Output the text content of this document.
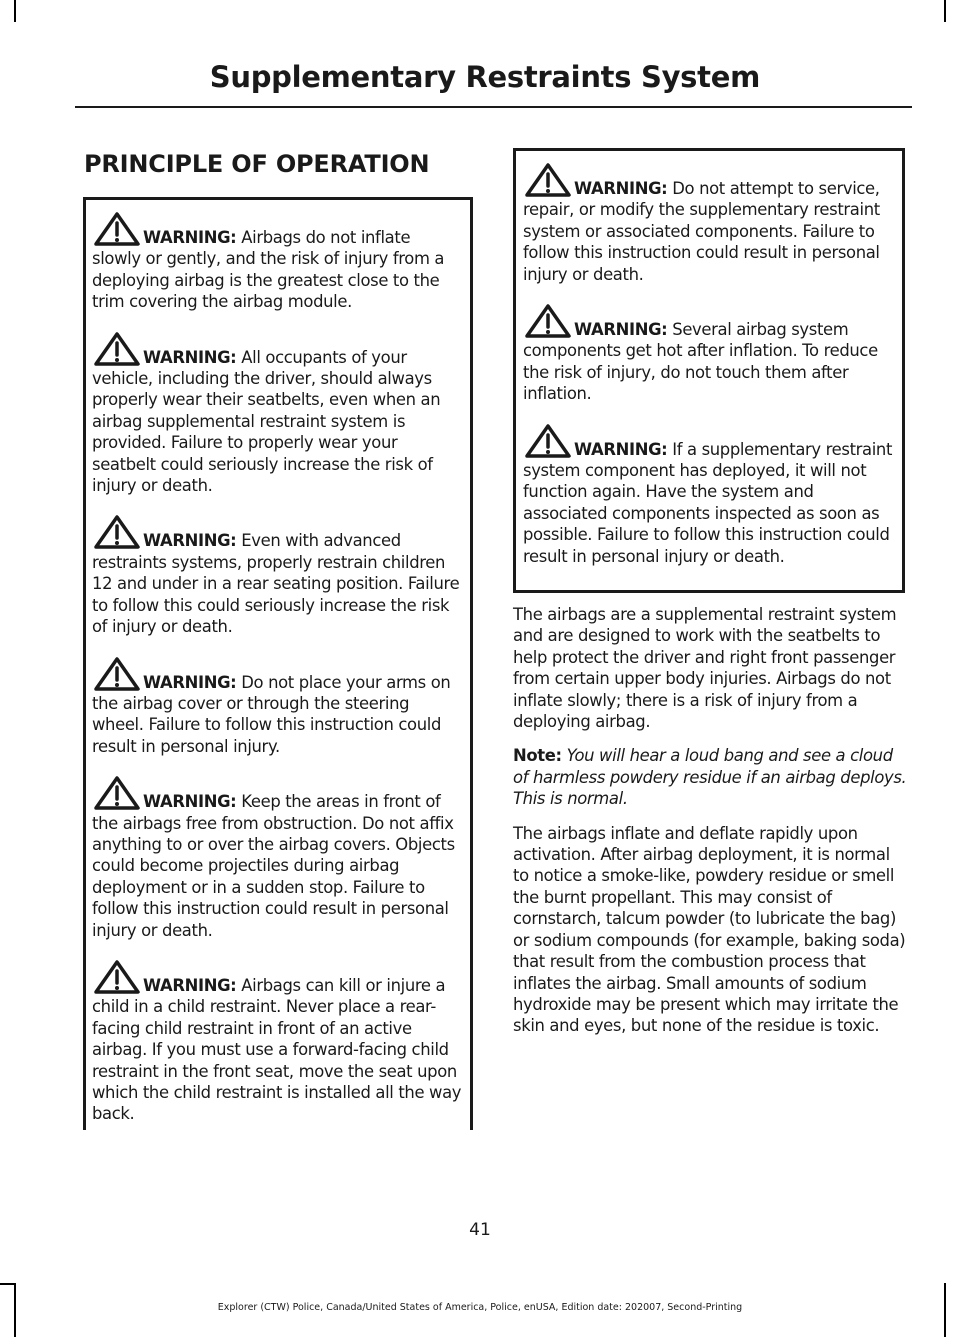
Supplementary Restraints System
PRINCIPLE OF OPERATION

WARNING: Airbags do not inflate slowly or gently, and the risk of injury from a deploying airbag is the greatest close to the trim covering the airbag module.

WARNING: All occupants of your vehicle, including the driver, should always properly wear their seatbelts, even when an airbag supplemental restraint system is provided. Failure to properly wear your seatbelt could seriously increase the risk of injury or death.

WARNING: Even with advanced restraints systems, properly restrain children 12 and under in a rear seating position. Failure to follow this could seriously increase the risk of injury or death.

WARNING: Do not place your arms on the airbag cover or through the steering wheel. Failure to follow this instruction could result in personal injury.

WARNING: Keep the areas in front of the airbags free from obstruction. Do not affix anything to or over the airbag covers. Objects could become projectiles during airbag deployment or in a sudden stop. Failure to follow this instruction could result in personal injury or death.

WARNING: Airbags can kill or injure a child in a child restraint. Never place a rear-facing child restraint in front of an active airbag. If you must use a forward-facing child restraint in the front seat, move the seat upon which the child restraint is installed all the way back.

WARNING: Do not attempt to service, repair, or modify the supplementary restraint system or associated components. Failure to follow this instruction could result in personal injury or death.

WARNING: Several airbag system components get hot after inflation. To reduce the risk of injury, do not touch them after inflation.

WARNING: If a supplementary restraint system component has deployed, it will not function again. Have the system and associated components inspected as soon as possible. Failure to follow this instruction could result in personal injury or death.

The airbags are a supplemental restraint system and are designed to work with the seatbelts to help protect the driver and right front passenger from certain upper body injuries. Airbags do not inflate slowly; there is a risk of injury from a deploying airbag.

Note: You will hear a loud bang and see a cloud of harmless powdery residue if an airbag deploys. This is normal.

The airbags inflate and deflate rapidly upon activation. After airbag deployment, it is normal to notice a smoke-like, powdery residue or smell the burnt propellant. This may consist of cornstarch, talcum powder (to lubricate the bag) or sodium compounds (for example, baking soda) that result from the combustion process that inflates the airbag. Small amounts of sodium hydroxide may be present which may irritate the skin and eyes, but none of the residue is toxic.

41
Explorer (CTW) Police, Canada/United States of America, Police, enUSA, Edition date: 202007, Second-Printing
